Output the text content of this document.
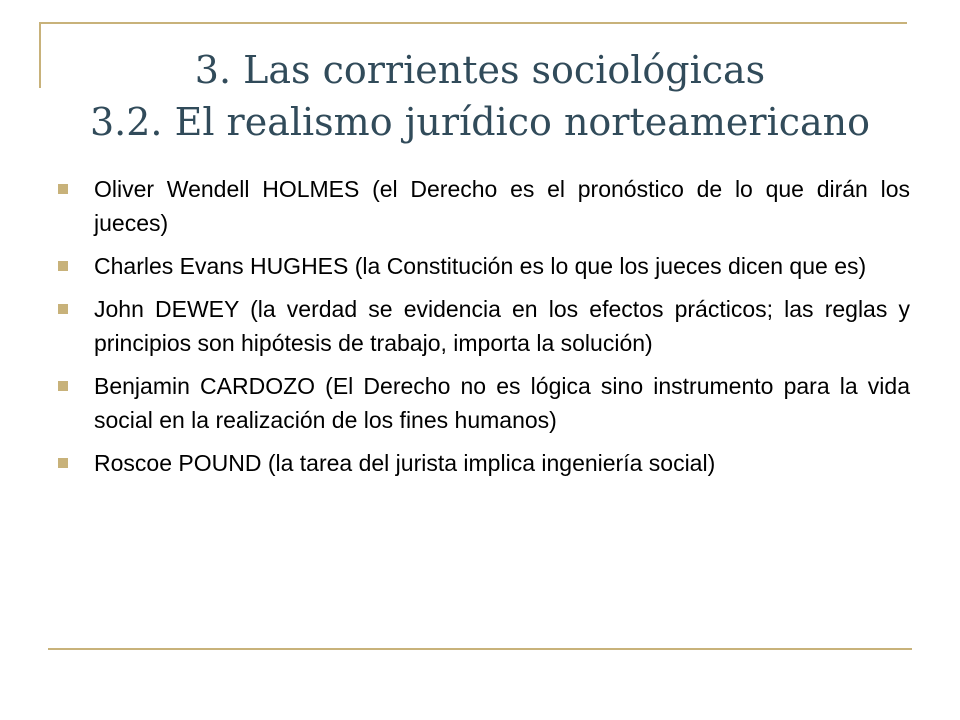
3. Las corrientes sociológicas
3.2. El realismo jurídico norteamericano
Oliver Wendell HOLMES (el Derecho es el pronóstico de lo que dirán los jueces)
Charles Evans HUGHES (la Constitución es lo que los jueces dicen que es)
John DEWEY (la verdad se evidencia en los efectos prácticos; las reglas y principios son hipótesis de trabajo, importa la solución)
Benjamin CARDOZO (El Derecho no es lógica sino instrumento para la vida social en la realización de los fines humanos)
Roscoe POUND (la tarea del jurista implica ingeniería social)
